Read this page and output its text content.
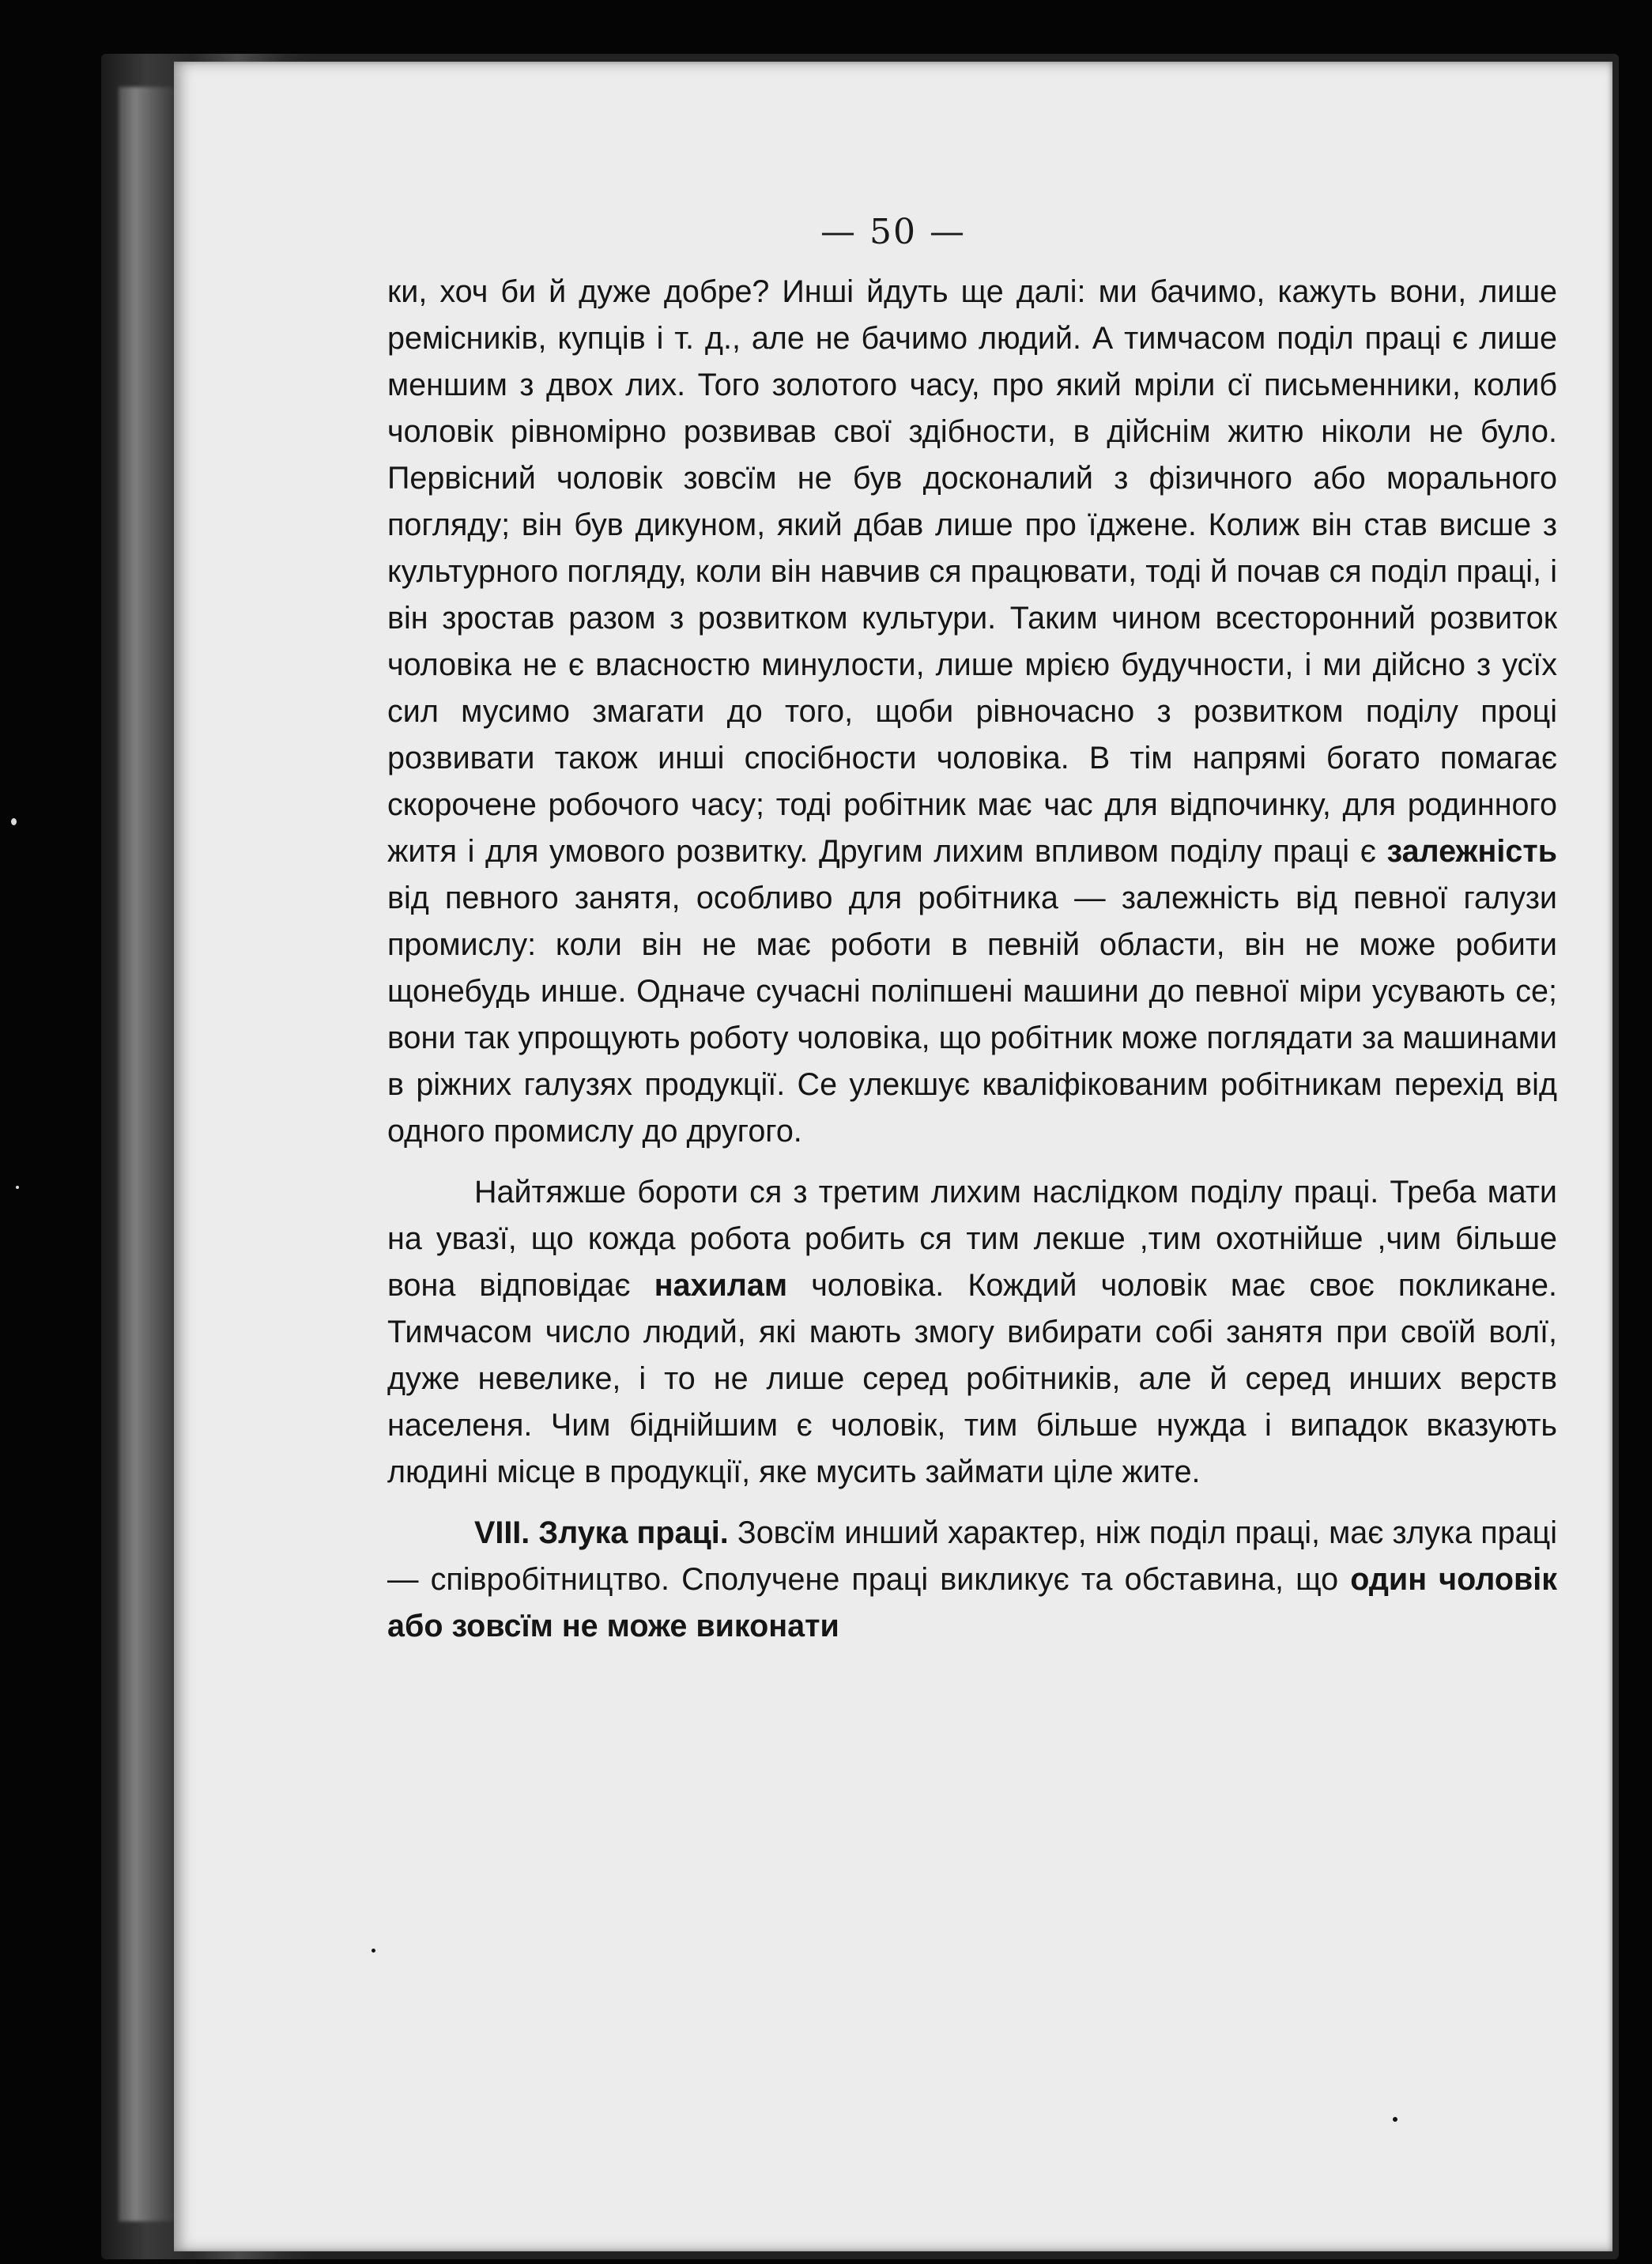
— 50 —

ки, хоч би й дуже добре? Инші йдуть ще далі: ми бачимо, кажуть вони, лише ремісників, купців і т. д., але не бачимо людий. А тимчасом поділ праці є лише меншим з двох лих. Того золотого часу, про який мріли сї письменники, колиб чоловік рівномірно розвивав свої здібности, в дійснім житю ніколи не було. Первісний чоловік зовсїм не був досконалий з фізичного або морального погляду; він був дикуном, який дбав лише про їджене. Колиж він став висше з культурного погляду, коли він навчив ся працювати, тоді й почав ся поділ праці, і він зростав разом з розвитком культури. Таким чином всесторонний розвиток чоловіка не є власностю минулости, лише мрією будучности, і ми дійсно з усїх сил мусимо змагати до того, щоби рівночасно з розвитком поділу проці розвивати також инші спосібности чоловіка. В тім напрямі богато помагає скорочене робочого часу; тоді робітник має час для відпочинку, для родинного житя і для умового розвитку. Другим лихим впливом поділу праці є залежність від певного занятя, особливо для робітника — залежність від певної галузи промислу: коли він не має роботи в певній области, він не може робити щонебудь инше. Одначе сучасні поліпшені машини до певної міри усувають се; вони так упрощують роботу чоловіка, що робітник може поглядати за машинами в ріжних галузях продукції. Се улекшує кваліфікованим робітникам перехід від одного промислу до другого.

Найтяжше бороти ся з третим лихим наслідком поділу праці. Треба мати на увазї, що кожда робота робить ся тим лекше ,тим охотнійше ,чим більше вона відповідає нахилам чоловіка. Кождий чоловік має своє покликане. Тимчасом число людий, які мають змогу вибирати собі занятя при своїй волї, дуже невелике, і то не лише серед робітників, але й серед инших верств населеня. Чим біднійшим є чоловік, тим більше нужда і випадок вказують людині місце в продукції, яке мусить займати ціле жите.

VIII. Злука праці. Зовсїм инший характер, ніж поділ праці, має злука праці — співробітництво. Сполучене праці викликує та обставина, що один чоловік або зовсїм не може виконати
